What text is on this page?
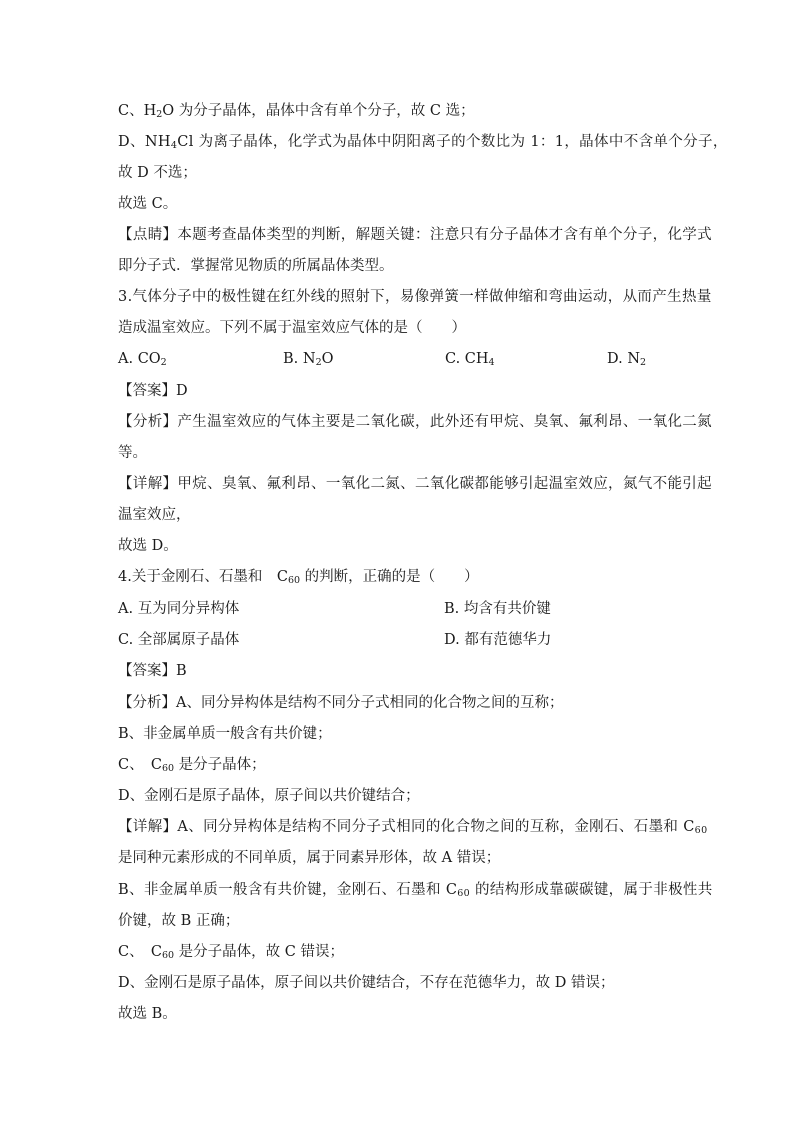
C、$H_2O$ 为分子晶体，晶体中含有单个分子，故 C 选；
D、$NH_4Cl$ 为离子晶体，化学式为晶体中阴阳离子的个数比为 1：1，晶体中不含单个分子，
故 D 不选；
故选 C。
【点睛】本题考查晶体类型的判断，解题关键：注意只有分子晶体才含有单个分子，化学式
即分子式．掌握常见物质的所属晶体类型。
3.气体分子中的极性键在红外线的照射下，易像弹簧一样做伸缩和弯曲运动，从而产生热量
造成温室效应。下列不属于温室效应气体的是（　　）
A. $CO_2$	B. $N_2O$	C. $CH_4$	D. $N_2$
【答案】D
【分析】产生温室效应的气体主要是二氧化碳，此外还有甲烷、臭氧、氟利昂、一氧化二氮
等。
【详解】甲烷、臭氧、氟利昂、一氧化二氮、二氧化碳都能够引起温室效应，氮气不能引起
温室效应，
故选 D。
4.关于金刚石、石墨和　$C_{60}$ 的判断，正确的是（　　）
A. 互为同分异构体	B. 均含有共价键
C. 全部属原子晶体	D. 都有范德华力
【答案】B
【分析】A、同分异构体是结构不同分子式相同的化合物之间的互称；
B、非金属单质一般含有共价键；
C、　$C_{60}$ 是分子晶体；
D、金刚石是原子晶体，原子间以共价键结合；
【详解】A、同分异构体是结构不同分子式相同的化合物之间的互称，金刚石、石墨和 $C_{60}$
是同种元素形成的不同单质，属于同素异形体，故 A 错误；
B、非金属单质一般含有共价键，金刚石、石墨和 $C_{60}$ 的结构形成靠碳碳键，属于非极性共
价键，故 B 正确；
C、　$C_{60}$ 是分子晶体，故 C 错误；
D、金刚石是原子晶体，原子间以共价键结合，不存在范德华力，故 D 错误；
故选 B。
